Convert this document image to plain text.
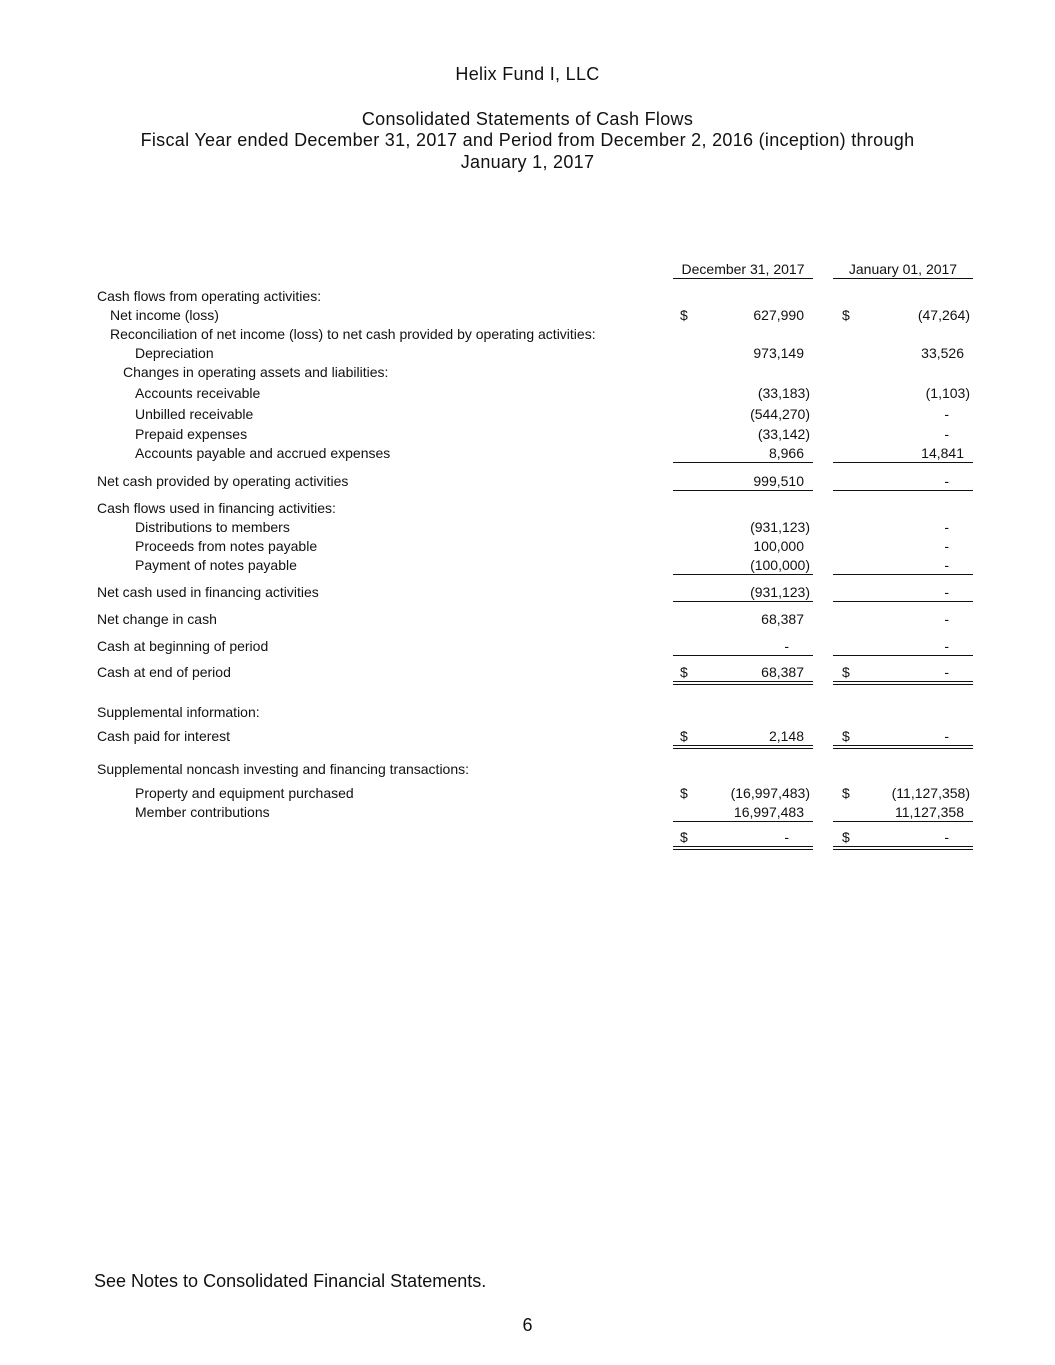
Helix Fund I, LLC
Consolidated Statements of Cash Flows
Fiscal Year ended December 31, 2017 and Period from December 2, 2016 (inception) through
January 1, 2017
December 31, 2017	January 01, 2017
Cash flows from operating activities:
Net income (loss)	$	627,990	$	(47,264)
Reconciliation of net income (loss) to net cash provided by operating activities:
Depreciation	973,149	33,526
Changes in operating assets and liabilities:
Accounts receivable	(33,183)	(1,103)
Unbilled receivable	(544,270)	-
Prepaid expenses	(33,142)	-
Accounts payable and accrued expenses	8,966	14,841
Net cash provided by operating activities	999,510	-
Cash flows used in financing activities:
Distributions to members	(931,123)	-
Proceeds from notes payable	100,000	-
Payment of notes payable	(100,000)	-
Net cash used in financing activities	(931,123)	-
Net change in cash	68,387	-
Cash at beginning of period	-	-
Cash at end of period	$	68,387	$	-
Supplemental information:
Cash paid for interest	$	2,148	$	-
Supplemental noncash investing and financing transactions:
Property and equipment purchased	$	(16,997,483) $	(11,127,358)
Member contributions	16,997,483	11,127,358
$	-	$	-
See Notes to Consolidated Financial Statements.
6
